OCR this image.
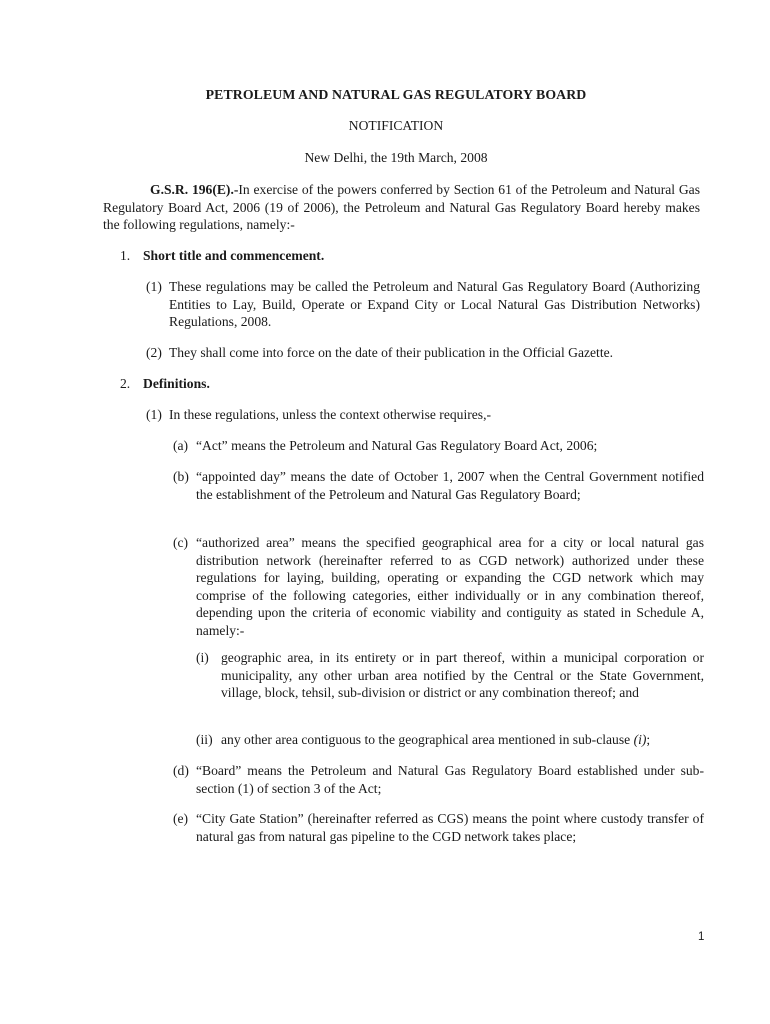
PETROLEUM AND NATURAL GAS REGULATORY BOARD
NOTIFICATION
New Delhi, the 19th March, 2008

G.S.R. 196(E).-In exercise of the powers conferred by Section 61 of the Petroleum and Natural Gas Regulatory Board Act, 2006 (19 of 2006), the Petroleum and Natural Gas Regulatory Board hereby makes the following regulations, namely:-

1. Short title and commencement.
(1) These regulations may be called the Petroleum and Natural Gas Regulatory Board (Authorizing Entities to Lay, Build, Operate or Expand City or Local Natural Gas Distribution Networks) Regulations, 2008.

(2) They shall come into force on the date of their publication in the Official Gazette.

2. Definitions.
(1) In these regulations, unless the context otherwise requires,-

(a) “Act” means the Petroleum and Natural Gas Regulatory Board Act, 2006;

(b) “appointed day” means the date of October 1, 2007 when the Central Government notified the establishment of the Petroleum and Natural Gas Regulatory Board;

(c) “authorized area” means the specified geographical area for a city or local natural gas distribution network (hereinafter referred to as CGD network) authorized under these regulations for laying, building, operating or expanding the CGD network which may comprise of the following categories, either individually or in any combination thereof, depending upon the criteria of economic viability and contiguity as stated in Schedule A, namely:-

(i) geographic area, in its entirety or in part thereof, within a municipal corporation or municipality, any other urban area notified by the Central or the State Government, village, block, tehsil, sub-division or district or any combination thereof; and

(ii) any other area contiguous to the geographical area mentioned in sub-clause (i);

(d) “Board” means the Petroleum and Natural Gas Regulatory Board established under sub-section (1) of section 3 of the Act;

(e) “City Gate Station” (hereinafter referred as CGS) means the point where custody transfer of natural gas from natural gas pipeline to the CGD network takes place;

1
